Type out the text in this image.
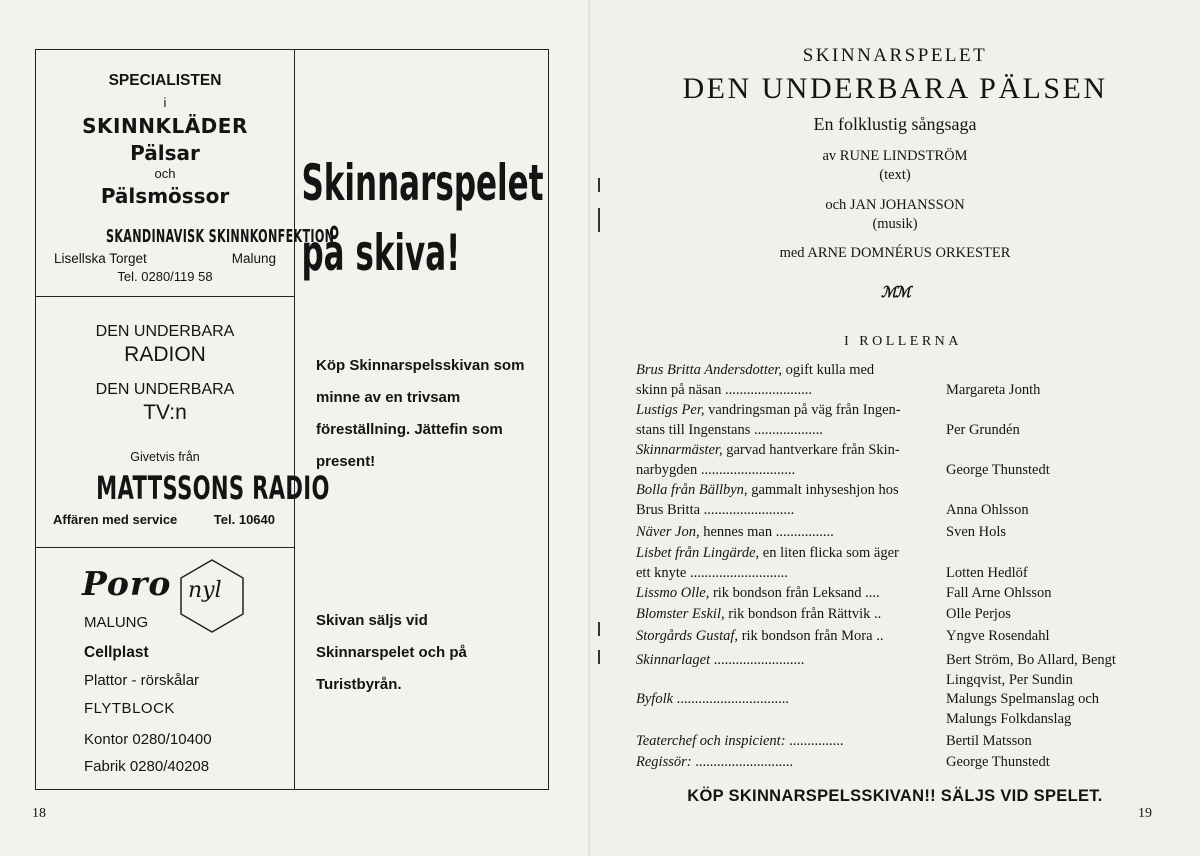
SPECIALISTEN
i
SKINNKLÄDER
Pälsar
och
Pälsmössor
SKANDINAVISK SKINNKONFEKTION
Lisellska Torget	Malung
Tel. 0280/119 58
DEN UNDERBARA
RADION
DEN UNDERBARA
TV:n
Givetvis från
MATTSSONS RADIO
Affären med service	Tel. 10640
Poro nyl
MALUNG
Cellplast
Plattor - rörskålar
FLYTBLOCK
Kontor 0280/10400
Fabrik 0280/40208
Skinnarspelet
på skiva!
Köp Skinnarspelsskivan som minne av en trivsam föreställning. Jättefin som present!
Skivan säljs vid Skinnarspelet och på Turistbyrån.
18
SKINNARSPELET
DEN UNDERBARA PÄLSEN
En folklustig sångsaga
av RUNE LINDSTRÖM
(text)
och JAN JOHANSSON
(musik)
med ARNE DOMNÉRUS ORKESTER
ℳℳ
I ROLLERNA
Brus Britta Andersdotter, ogift kulla med
skinn på näsan ........................	Margareta Jonth
Lustigs Per, vandringsman på väg från Ingen-
stans till Ingenstans ...................	Per Grundén
Skinnarmäster, garvad hantverkare från Skin-
narbygden ..........................	George Thunstedt
Bolla från Bällbyn, gammalt inhyseshjon hos
Brus Britta .........................	Anna Ohlsson
Näver Jon, hennes man ................	Sven Hols
Lisbet från Lingärde, en liten flicka som äger
ett knyte ...........................	Lotten Hedlöf
Lissmo Olle, rik bondson från Leksand ....	Fall Arne Ohlsson
Blomster Eskil, rik bondson från Rättvik ..	Olle Perjos
Storgårds Gustaf, rik bondson från Mora ..	Yngve Rosendahl
Skinnarlaget .........................	Bert Ström, Bo Allard, Bengt
Lingqvist, Per Sundin
Byfolk ...............................	Malungs Spelmanslag och
Malungs Folkdanslag
Teaterchef och inspicient: ...............	Bertil Matsson
Regissör: ...........................	George Thunstedt
KÖP SKINNARSPELSSKIVAN!! SÄLJS VID SPELET.
19
